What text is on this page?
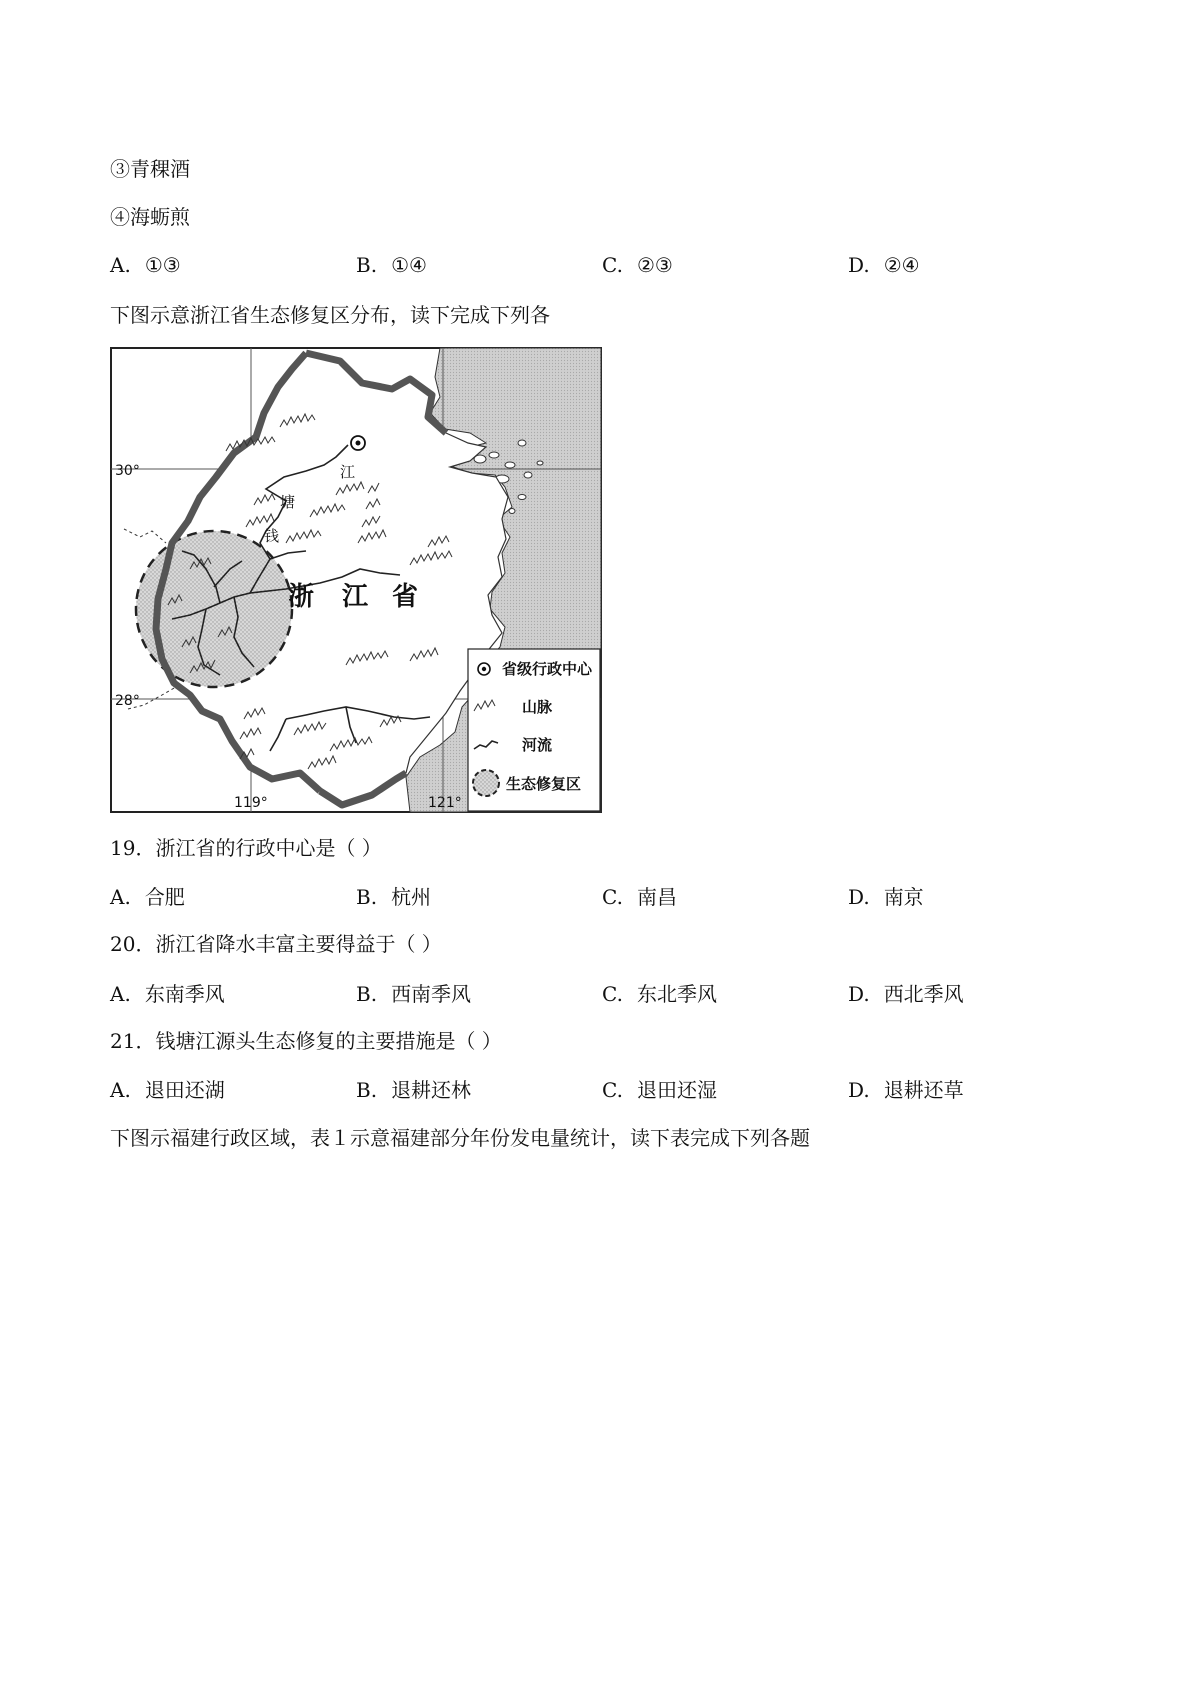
③青稞酒
④海蛎煎
A. ①③	B. ①④	C. ②③	D. ②④
下图示意浙江省生态修复区分布，读下完成下列各
浙 江 省
江
塘
钱
30°
28°
119°	121°
省级行政中心
山脉
河流
生态修复区
19．浙江省的行政中心是（ ）
A. 合肥	B. 杭州	C. 南昌	D. 南京
20．浙江省降水丰富主要得益于（ ）
A. 东南季风	B. 西南季风	C. 东北季风	D. 西北季风
21．钱塘江源头生态修复的主要措施是（ ）
A. 退田还湖	B. 退耕还林	C. 退田还湿	D. 退耕还草
下图示福建行政区域，表１示意福建部分年份发电量统计，读下表完成下列各题
